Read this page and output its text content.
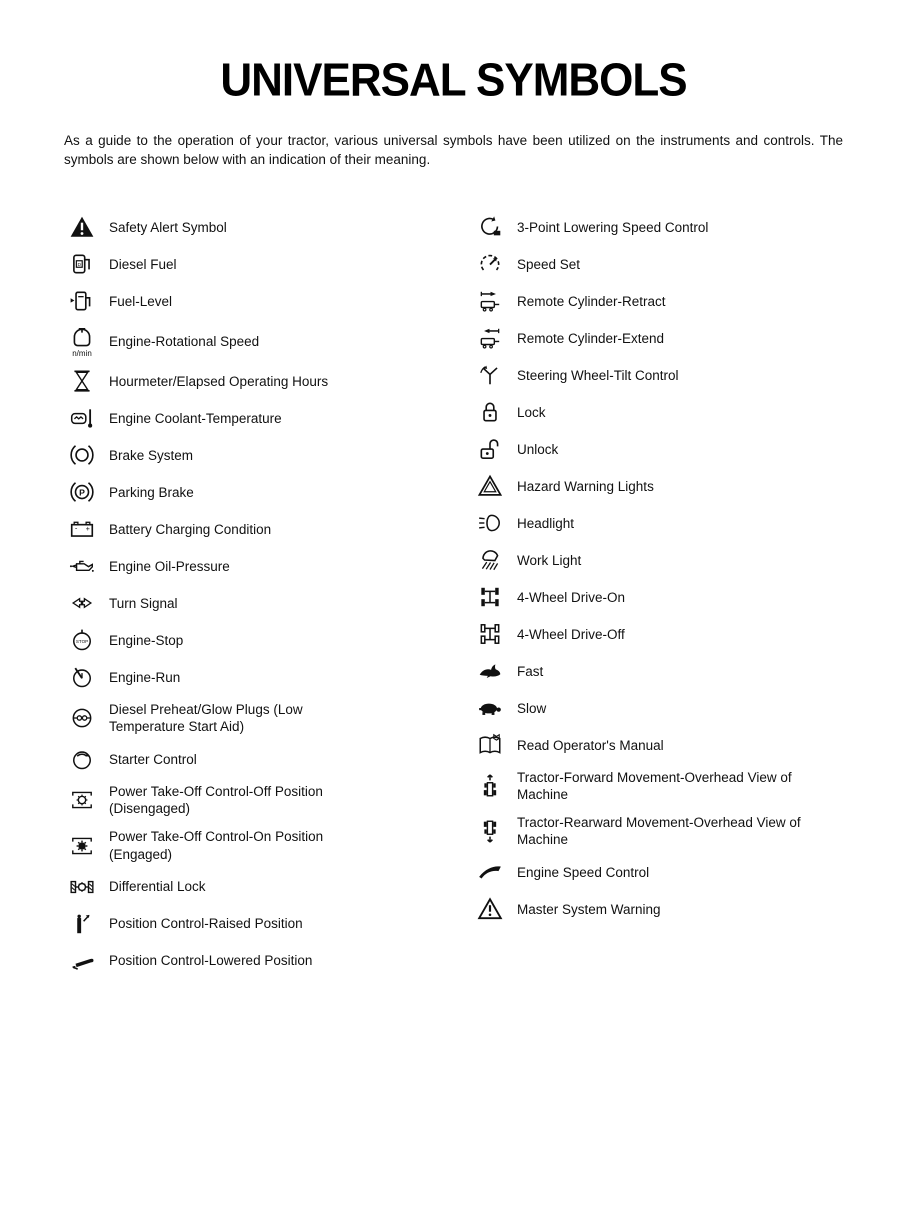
UNIVERSAL SYMBOLS

As a guide to the operation of your tractor, various universal symbols have been utilized on the instruments and controls. The symbols are shown below with an indication of their meaning.

Safety Alert Symbol
D Diesel Fuel
Fuel-Level
n/min
Engine-Rotational Speed
Hourmeter/Elapsed Operating Hours
Engine Coolant-Temperature
Brake System
P Parking Brake
- + Battery Charging Condition
Engine Oil-Pressure
Turn Signal
STOP Engine-Stop
Engine-Run
Diesel Preheat/Glow Plugs (Low Temperature Start Aid)
Starter Control
Power Take-Off Control-Off Position (Disengaged)
Power Take-Off Control-On Position (Engaged)
Differential Lock
Position Control-Raised Position
Position Control-Lowered Position
3-Point Lowering Speed Control
Speed Set
Remote Cylinder-Retract
Remote Cylinder-Extend
Steering Wheel-Tilt Control
Lock
Unlock
Hazard Warning Lights
Headlight
Work Light
4-Wheel Drive-On
4-Wheel Drive-Off
Fast
Slow
Read Operator's Manual
Tractor-Forward Movement-Overhead View of Machine
Tractor-Rearward Movement-Overhead View of Machine
Engine Speed Control
Master System Warning
